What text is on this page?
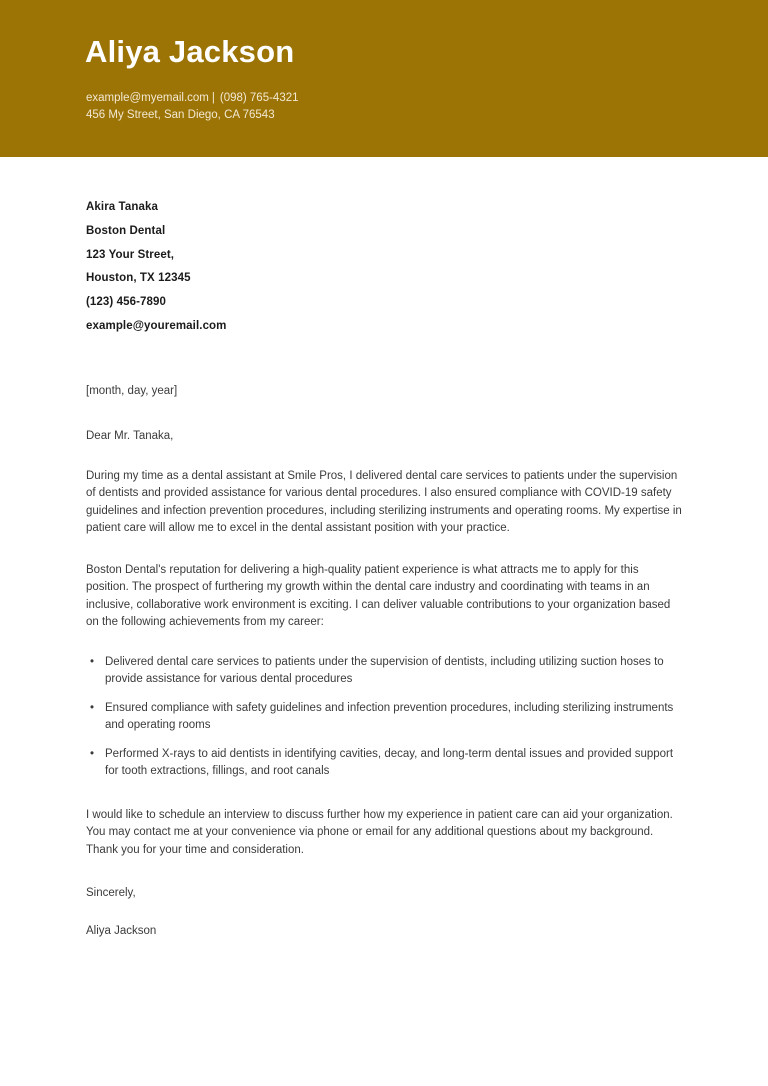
Aliya Jackson
example@myemail.com | (098) 765-4321
456 My Street, San Diego, CA 76543
Akira Tanaka
Boston Dental
123 Your Street,
Houston, TX 12345
(123) 456-7890
example@youremail.com
[month, day, year]
Dear Mr. Tanaka,
During my time as a dental assistant at Smile Pros, I delivered dental care services to patients under the supervision of dentists and provided assistance for various dental procedures. I also ensured compliance with COVID-19 safety guidelines and infection prevention procedures, including sterilizing instruments and operating rooms. My expertise in patient care will allow me to excel in the dental assistant position with your practice.
Boston Dental's reputation for delivering a high-quality patient experience is what attracts me to apply for this position. The prospect of furthering my growth within the dental care industry and coordinating with teams in an inclusive, collaborative work environment is exciting. I can deliver valuable contributions to your organization based on the following achievements from my career:
• Delivered dental care services to patients under the supervision of dentists, including utilizing suction hoses to provide assistance for various dental procedures
• Ensured compliance with safety guidelines and infection prevention procedures, including sterilizing instruments and operating rooms
• Performed X-rays to aid dentists in identifying cavities, decay, and long-term dental issues and provided support for tooth extractions, fillings, and root canals
I would like to schedule an interview to discuss further how my experience in patient care can aid your organization. You may contact me at your convenience via phone or email for any additional questions about my background. Thank you for your time and consideration.
Sincerely,
Aliya Jackson
